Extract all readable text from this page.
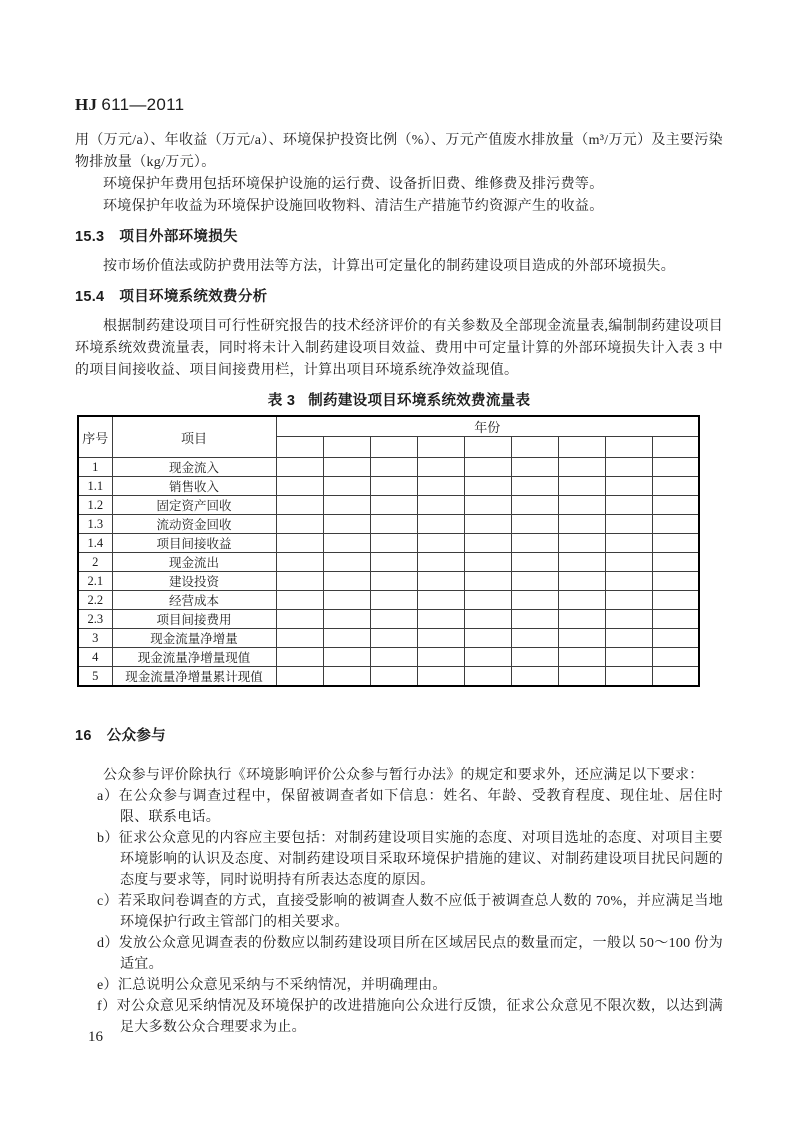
HJ 611—2011

用（万元/a）、年收益（万元/a）、环境保护投资比例（%）、万元产值废水排放量（m³/万元）及主要污染物排放量（kg/万元）。

环境保护年费用包括环境保护设施的运行费、设备折旧费、维修费及排污费等。

环境保护年收益为环境保护设施回收物料、清洁生产措施节约资源产生的收益。

15.3 项目外部环境损失

按市场价值法或防护费用法等方法，计算出可定量化的制药建设项目造成的外部环境损失。

15.4 项目环境系统效费分析

根据制药建设项目可行性研究报告的技术经济评价的有关参数及全部现金流量表,编制制药建设项目环境系统效费流量表，同时将未计入制药建设项目效益、费用中可定量计算的外部环境损失计入表 3 中的项目间接收益、项目间接费用栏，计算出项目环境系统净效益现值。

表 3 制药建设项目环境系统效费流量表
序号	项目	年份								

1	现金流入									
1.1	销售收入									
1.2	固定资产回收									
1.3	流动资金回收									
1.4	项目间接收益									
2	现金流出									
2.1	建设投资									
2.2	经营成本									
2.3	项目间接费用									
3	现金流量净增量									
4	现金流量净增量现值									
5	现金流量净增量累计现值									
16 公众参与

公众参与评价除执行《环境影响评价公众参与暂行办法》的规定和要求外，还应满足以下要求：

a）在公众参与调查过程中，保留被调查者如下信息：姓名、年龄、受教育程度、现住址、居住时限、联系电话。
b）征求公众意见的内容应主要包括：对制药建设项目实施的态度、对项目选址的态度、对项目主要环境影响的认识及态度、对制药建设项目采取环境保护措施的建议、对制药建设项目扰民问题的态度与要求等，同时说明持有所表达态度的原因。
c）若采取问卷调查的方式，直接受影响的被调查人数不应低于被调查总人数的 70%，并应满足当地环境保护行政主管部门的相关要求。
d）发放公众意见调查表的份数应以制药建设项目所在区域居民点的数量而定，一般以 50～100 份为适宜。
e）汇总说明公众意见采纳与不采纳情况，并明确理由。
f）对公众意见采纳情况及环境保护的改进措施向公众进行反馈，征求公众意见不限次数，以达到满足大多数公众合理要求为止。
16
